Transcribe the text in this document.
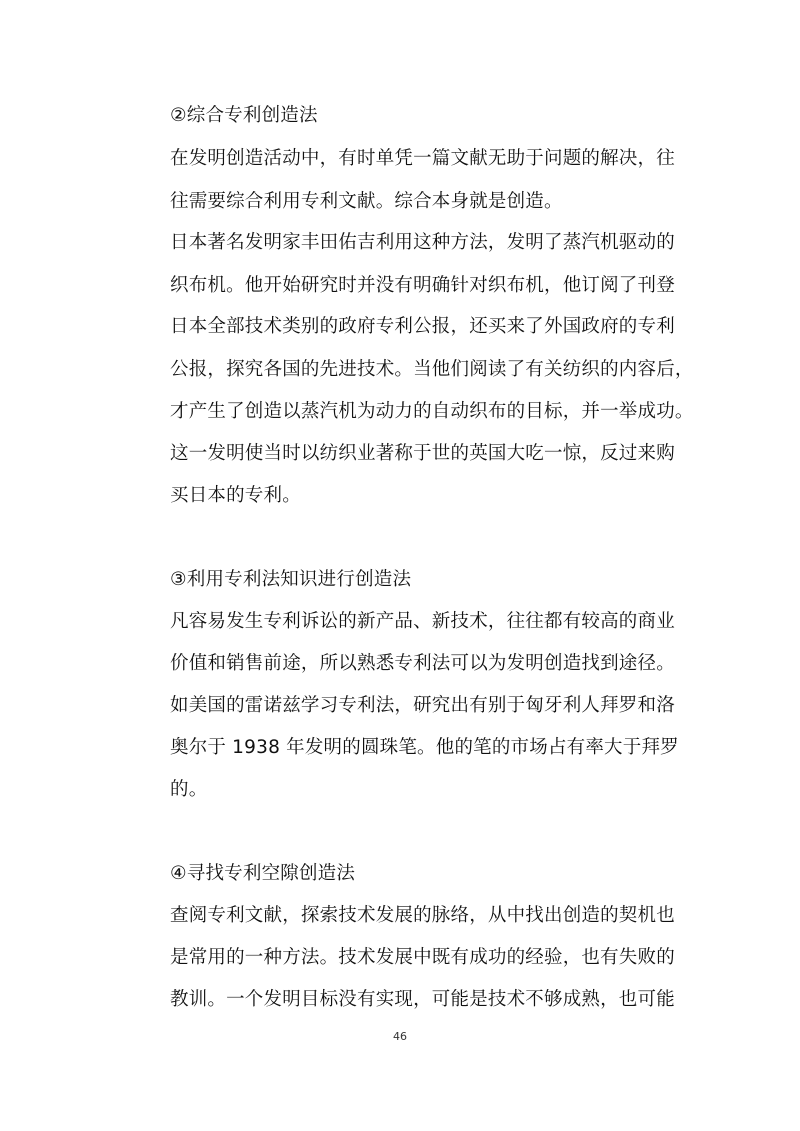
②综合专利创造法
在发明创造活动中，有时单凭一篇文献无助于问题的解决，往
往需要综合利用专利文献。综合本身就是创造。
日本著名发明家丰田佑吉利用这种方法，发明了蒸汽机驱动的
织布机。他开始研究时并没有明确针对织布机，他订阅了刊登
日本全部技术类别的政府专利公报，还买来了外国政府的专利
公报，探究各国的先进技术。当他们阅读了有关纺织的内容后，
才产生了创造以蒸汽机为动力的自动织布的目标，并一举成功。
这一发明使当时以纺织业著称于世的英国大吃一惊，反过来购
买日本的专利。
③利用专利法知识进行创造法
凡容易发生专利诉讼的新产品、新技术，往往都有较高的商业
价值和销售前途，所以熟悉专利法可以为发明创造找到途径。
如美国的雷诺兹学习专利法，研究出有别于匈牙利人拜罗和洛
奥尔于 1938 年发明的圆珠笔。他的笔的市场占有率大于拜罗
的。
④寻找专利空隙创造法
查阅专利文献，探索技术发展的脉络，从中找出创造的契机也
是常用的一种方法。技术发展中既有成功的经验，也有失败的
教训。一个发明目标没有实现，可能是技术不够成熟，也可能
46
